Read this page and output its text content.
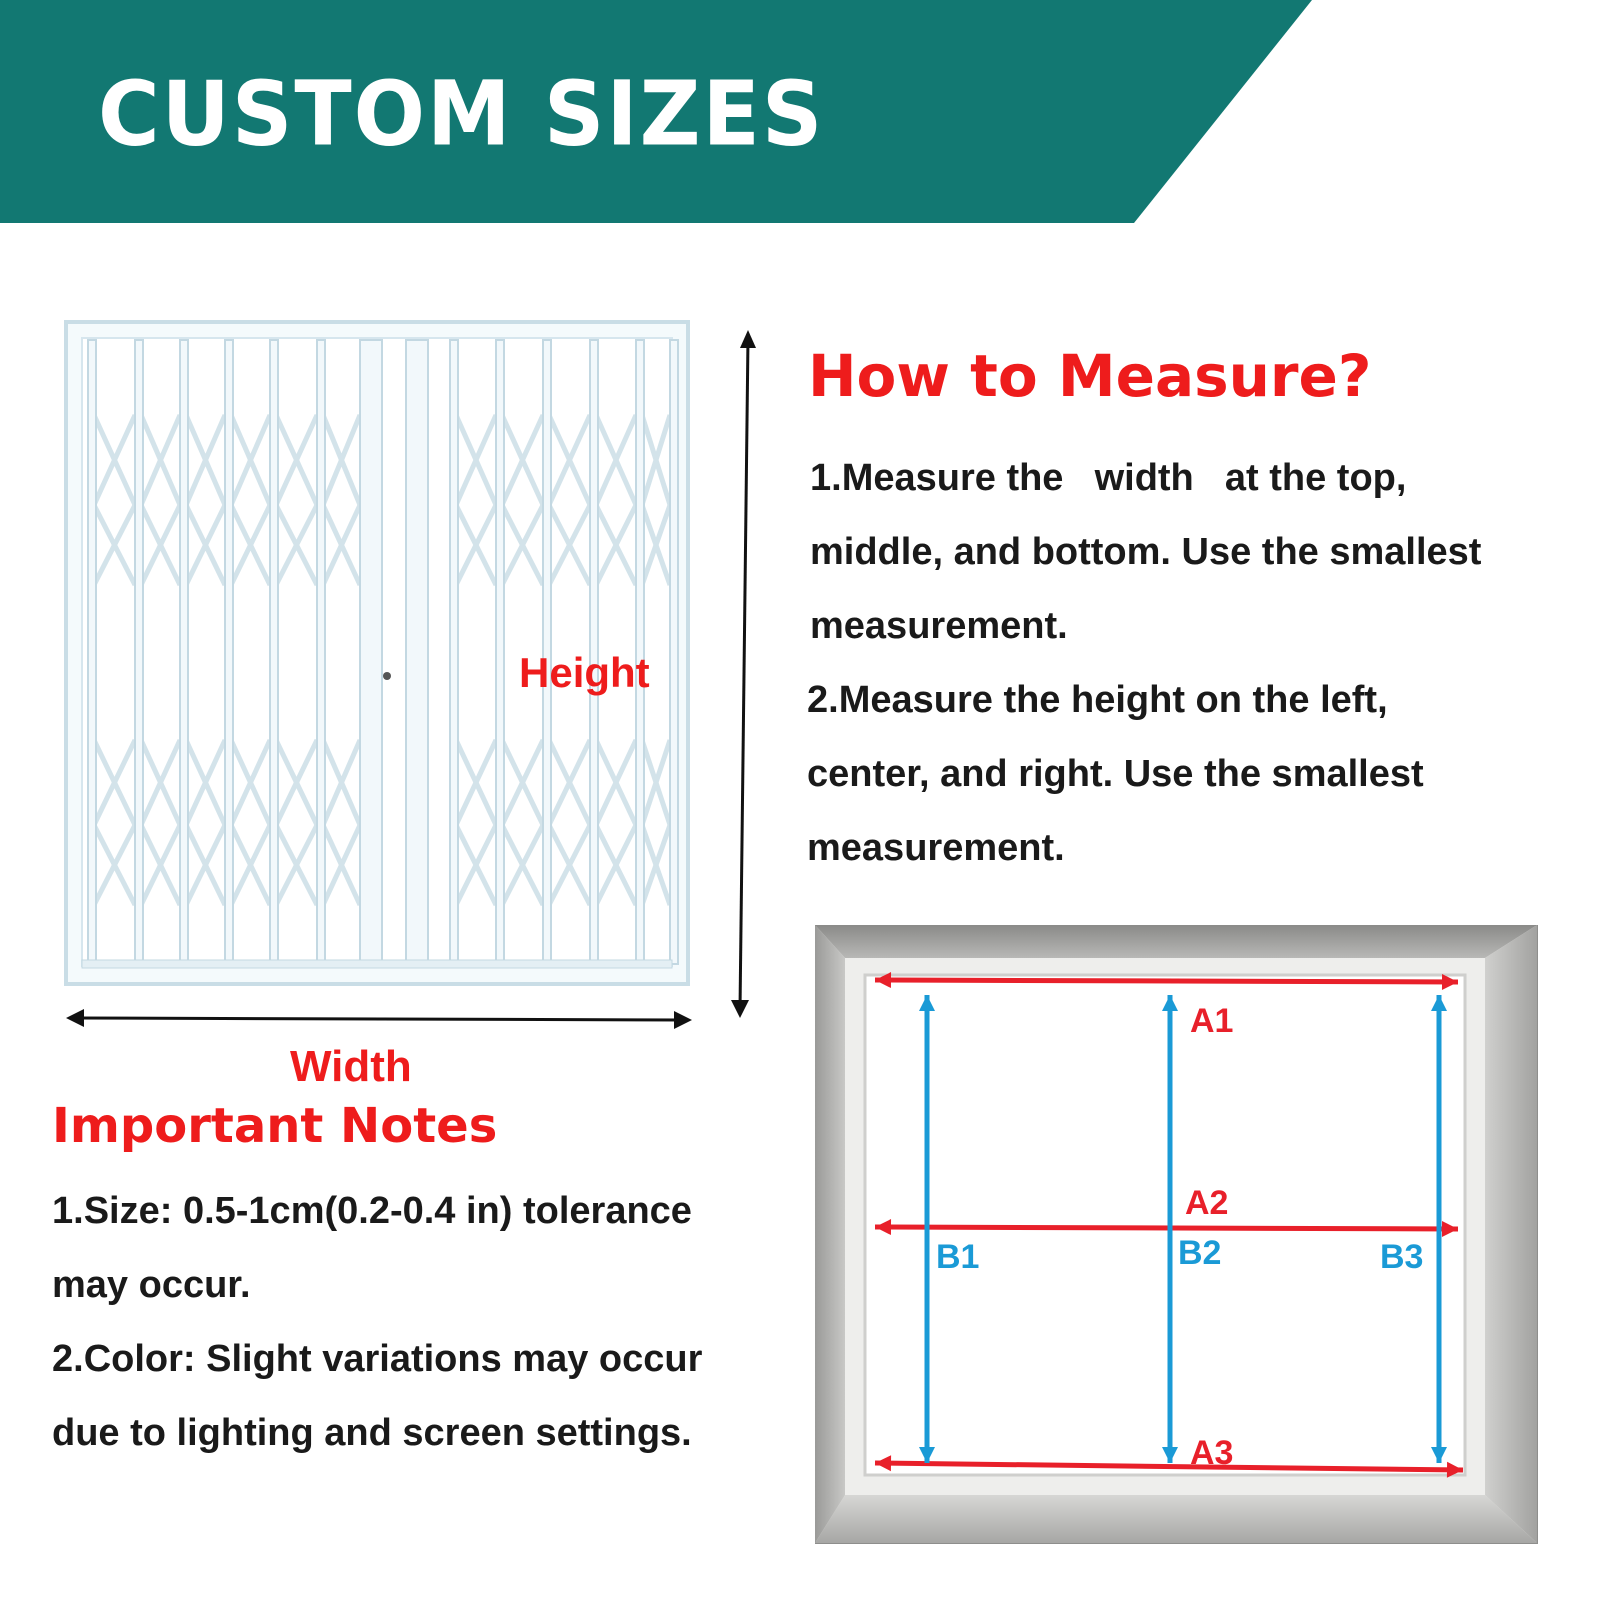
CUSTOM SIZES
Height
Width
How to Measure?

1.Measure the width at the top,

middle, and bottom. Use the smallest

measurement.

2.Measure the height on the left,

center, and right. Use the smallest

measurement.

Important Notes

1.Size: 0.5-1cm(0.2-0.4 in) tolerance

may occur.

2.Color: Slight variations may occur

due to lighting and screen settings.

A1
A2
A3
B1	B2	B3
